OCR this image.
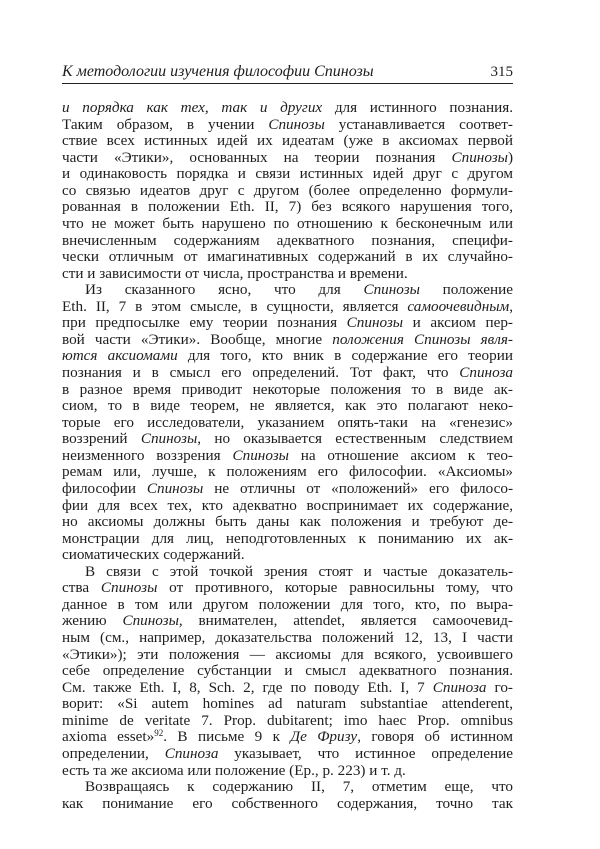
К методологии изучения философии Спинозы	315
и порядка как тех, так и других для истинного познания.
Таким образом, в учении Спинозы устанавливается соответ-
ствие всех истинных идей их идеатам (уже в аксиомах первой
части «Этики», основанных на теории познания Спинозы)
и одинаковость порядка и связи истинных идей друг с другом
со связью идеатов друг с другом (более определенно формули-
рованная в положении Eth. II, 7) без всякого нарушения того,
что не может быть нарушено по отношению к бесконечным или
внечисленным содержаниям адекватного познания, специфи-
чески отличным от имагинативных содержаний в их случайно-
сти и зависимости от числа, пространства и времени.
Из сказанного ясно, что для Спинозы положение
Eth. II, 7 в этом смысле, в сущности, является самоочевидным,
при предпосылке ему теории познания Спинозы и аксиом пер-
вой части «Этики». Вообще, многие положения Спинозы явля-
ются аксиомами для того, кто вник в содержание его теории
познания и в смысл его определений. Тот факт, что Спиноза
в разное время приводит некоторые положения то в виде ак-
сиом, то в виде теорем, не является, как это полагают неко-
торые его исследователи, указанием опять-таки на «генезис»
воззрений Спинозы, но оказывается естественным следствием
неизменного воззрения Спинозы на отношение аксиом к тео-
ремам или, лучше, к положениям его философии. «Аксиомы»
философии Спинозы не отличны от «положений» его филосо-
фии для всех тех, кто адекватно воспринимает их содержание,
но аксиомы должны быть даны как положения и требуют де-
монстрации для лиц, неподготовленных к пониманию их ак-
сиоматических содержаний.
В связи с этой точкой зрения стоят и частые доказатель-
ства Спинозы от противного, которые равносильны тому, что
данное в том или другом положении для того, кто, по выра-
жению Спинозы, внимателен, attendet, является самоочевид-
ным (см., например, доказательства положений 12, 13, I части
«Этики»); эти положения — аксиомы для всякого, усвоившего
себе определение субстанции и смысл адекватного познания.
См. также Eth. I, 8, Sch. 2, где по поводу Eth. I, 7 Спиноза го-
ворит: «Si autem homines ad naturam substantiae attenderent,
minime de veritate 7. Prop. dubitarent; imo haec Prop. omnibus
axioma esset»$^{92}$. В письме 9 к Де Фризу, говоря об истинном
определении, Спиноза указывает, что истинное определение
есть та же аксиома или положение (Ep., p. 223) и т. д.
Возвращаясь к содержанию II, 7, отметим еще, что
как понимание его собственного содержания, точно так
